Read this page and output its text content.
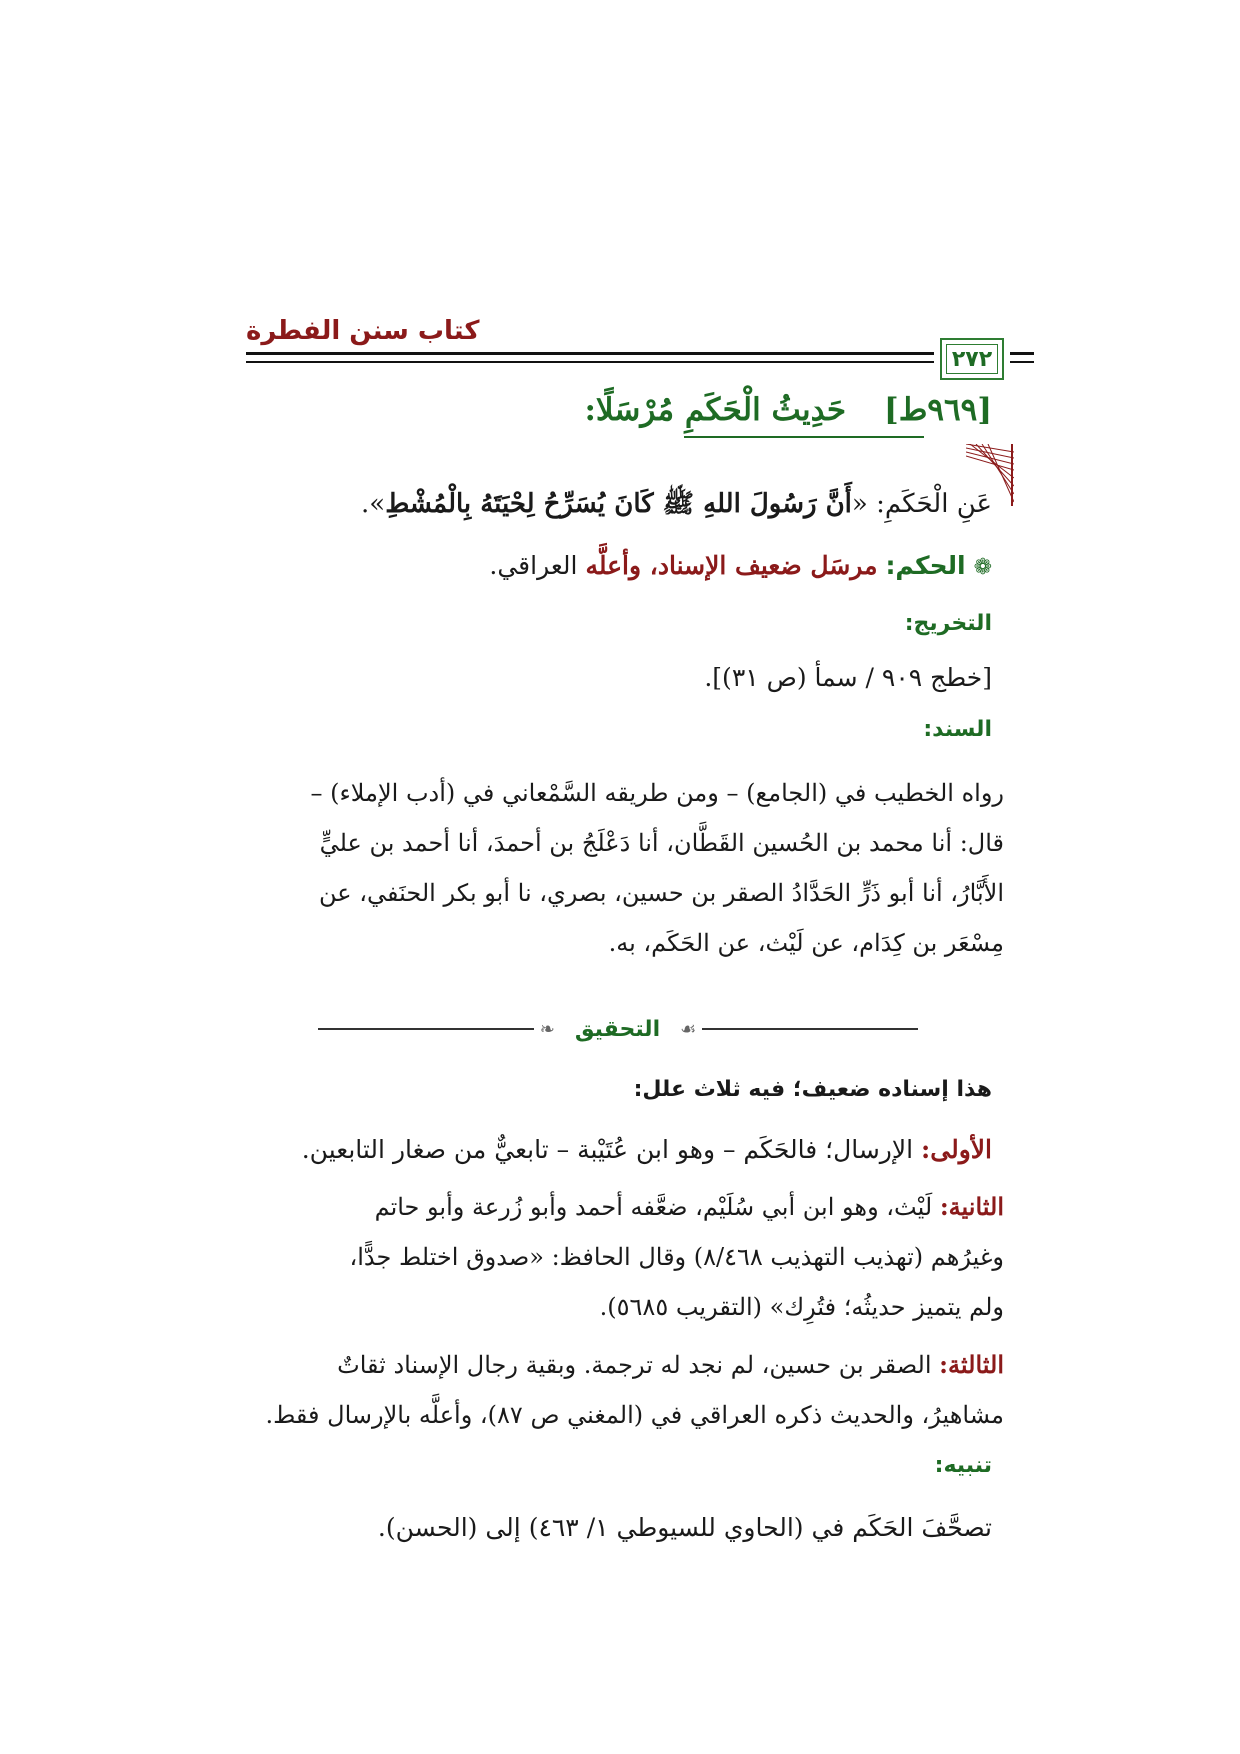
كتاب سنن الفطرة
٢٧٢
[٩٦٩ط]حَدِيثُ الْحَكَمِ مُرْسَلًا:
عَنِ الْحَكَمِ: «أَنَّ رَسُولَ اللهِ ﷺ كَانَ يُسَرِّحُ لِحْيَتَهُ بِالْمُشْطِ».
❁الحكم: مرسَل ضعيف الإسناد، وأعلَّه العراقي.
التخريج:
[خطج ٩٠٩ / سمأ (ص ٣١)].
السند:
رواه الخطيب في (الجامع) – ومن طريقه السَّمْعاني في (أدب الإملاء) –
قال: أنا محمد بن الحُسين القَطَّان، أنا دَعْلَجُ بن أحمدَ، أنا أحمد بن عليٍّ
الأَبَّارُ، أنا أبو ذَرٍّ الحَدَّادُ الصقر بن حسين، بصري، نا أبو بكر الحنَفي، عن
مِسْعَر بن كِدَام، عن لَيْث، عن الحَكَم، به.
❧ التحقيق ☙
هذا إسناده ضعيف؛ فيه ثلاث علل:
الأولى: الإرسال؛ فالحَكَم – وهو ابن عُتَيْبة – تابعيٌّ من صغار التابعين.
الثانية: لَيْث، وهو ابن أبي سُلَيْم، ضعَّفه أحمد وأبو زُرعة وأبو حاتم
وغيرُهم (تهذيب التهذيب ٨/٤٦٨) وقال الحافظ: «صدوق اختلط جدًّا،
ولم يتميز حديثُه؛ فتُرِك» (التقريب ٥٦٨٥).
الثالثة: الصقر بن حسين، لم نجد له ترجمة. وبقية رجال الإسناد ثقاتٌ
مشاهيرُ، والحديث ذكره العراقي في (المغني ص ٨٧)، وأعلَّه بالإرسال فقط.
تنبيه:
تصحَّفَ الحَكَم في (الحاوي للسيوطي ١/ ٤٦٣) إلى (الحسن).
